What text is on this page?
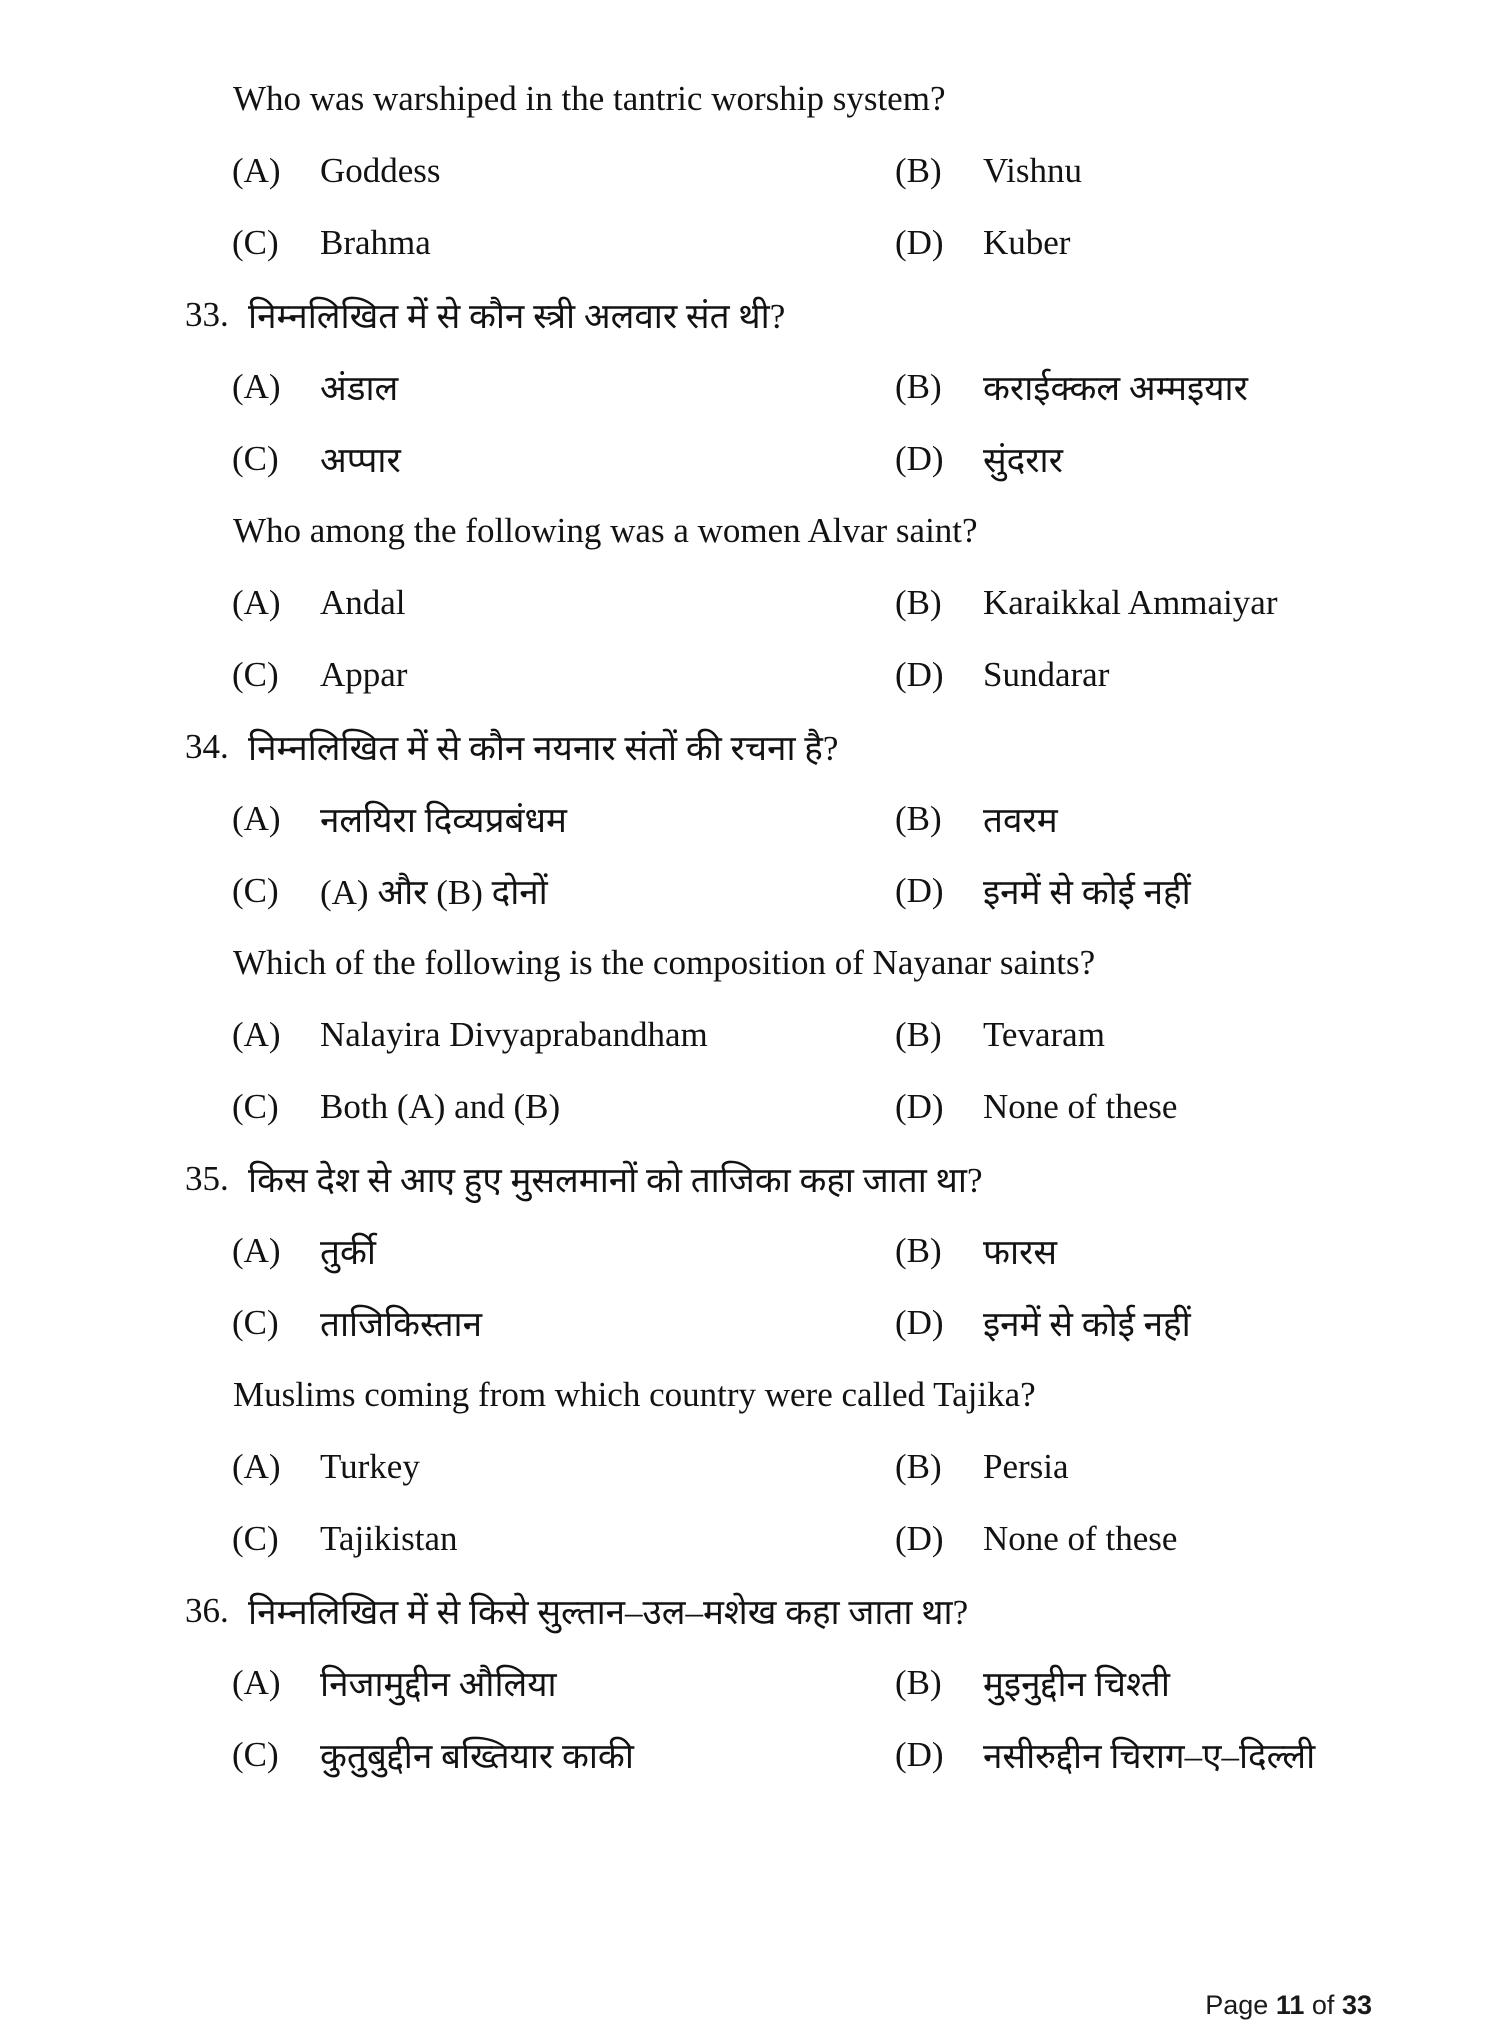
Who was warshiped in the tantric worship system?
(A)	Goddess	(B)	Vishnu
(C)	Brahma	(D)	Kuber
33. निम्नलिखित में से कौन स्त्री अलवार संत थी?
(A)	अंडाल	(B)	कराईक्कल अम्मइयार
(C)	अप्पार	(D)	सुंदरार
Who among the following was a women Alvar saint?
(A)	Andal	(B)	Karaikkal Ammaiyar
(C)	Appar	(D)	Sundarar
34. निम्नलिखित में से कौन नयनार संतों की रचना है?
(A)	नलयिरा दिव्यप्रबंधम	(B)	तवरम
(C)	(A) और (B) दोनों	(D)	इनमें से कोई नहीं
Which of the following is the composition of Nayanar saints?
(A)	Nalayira Divyaprabandham	(B)	Tevaram
(C)	Both (A) and (B)	(D)	None of these
35. किस देश से आए हुए मुसलमानों को ताजिका कहा जाता था?
(A)	तुर्की	(B)	फारस
(C)	ताजिकिस्तान	(D)	इनमें से कोई नहीं
Muslims coming from which country were called Tajika?
(A)	Turkey	(B)	Persia
(C)	Tajikistan	(D)	None of these
36. निम्नलिखित में से किसे सुल्तान–उल–मशेख कहा जाता था?
(A)	निजामुद्दीन औलिया	(B)	मुइनुद्दीन चिश्ती
(C)	कुतुबुद्दीन बख्तियार काकी	(D)	नसीरुद्दीन चिराग–ए–दिल्ली
Page 11 of 33
